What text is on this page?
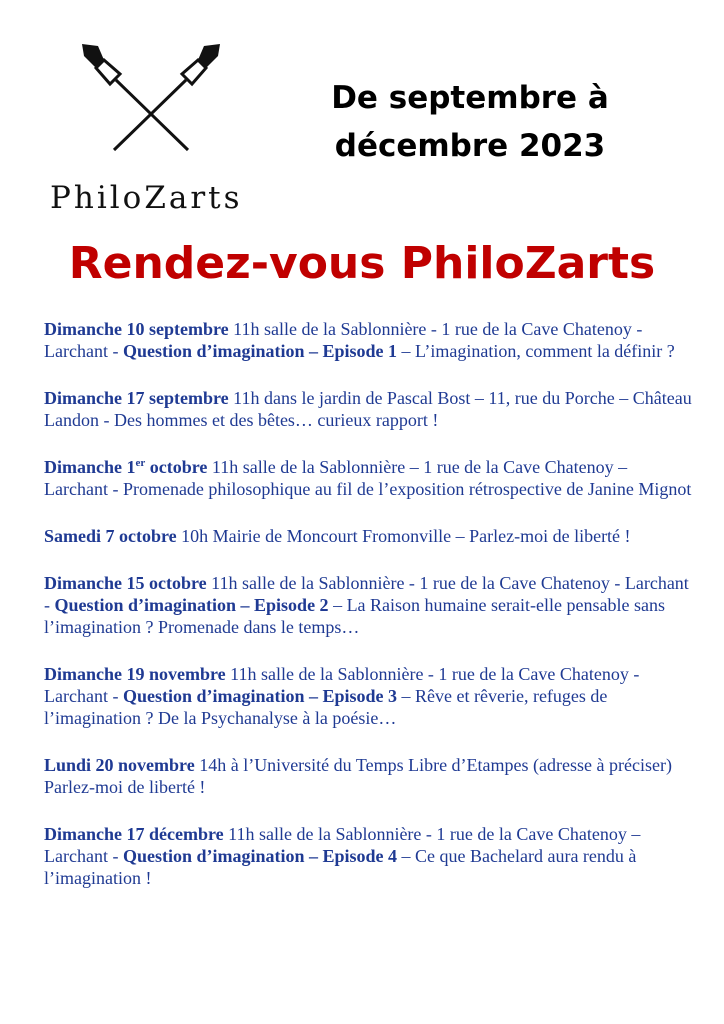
PhiloZarts
De septembre à
décembre 2023
Rendez-vous PhiloZarts

Dimanche 10 septembre 11h salle de la Sablonnière - 1 rue de la Cave Chatenoy - Larchant - Question d’imagination – Episode 1 – L’imagination, comment la définir ?

Dimanche 17 septembre 11h dans le jardin de Pascal Bost – 11, rue du Porche – Château Landon - Des hommes et des bêtes… curieux rapport !

Dimanche 1er octobre 11h salle de la Sablonnière – 1 rue de la Cave Chatenoy – Larchant - Promenade philosophique au fil de l’exposition rétrospective de Janine Mignot

Samedi 7 octobre 10h Mairie de Moncourt Fromonville – Parlez-moi de liberté !

Dimanche 15 octobre 11h salle de la Sablonnière - 1 rue de la Cave Chatenoy - Larchant - Question d’imagination – Episode 2 – La Raison humaine serait-elle pensable sans l’imagination ? Promenade dans le temps…

Dimanche 19 novembre 11h salle de la Sablonnière - 1 rue de la Cave Chatenoy - Larchant - Question d’imagination – Episode 3 – Rêve et rêverie, refuges de l’imagination ? De la Psychanalyse à la poésie…

Lundi 20 novembre 14h à l’Université du Temps Libre d’Etampes (adresse à préciser) Parlez-moi de liberté !

Dimanche 17 décembre 11h salle de la Sablonnière - 1 rue de la Cave Chatenoy – Larchant - Question d’imagination – Episode 4 – Ce que Bachelard aura rendu à l’imagination !
